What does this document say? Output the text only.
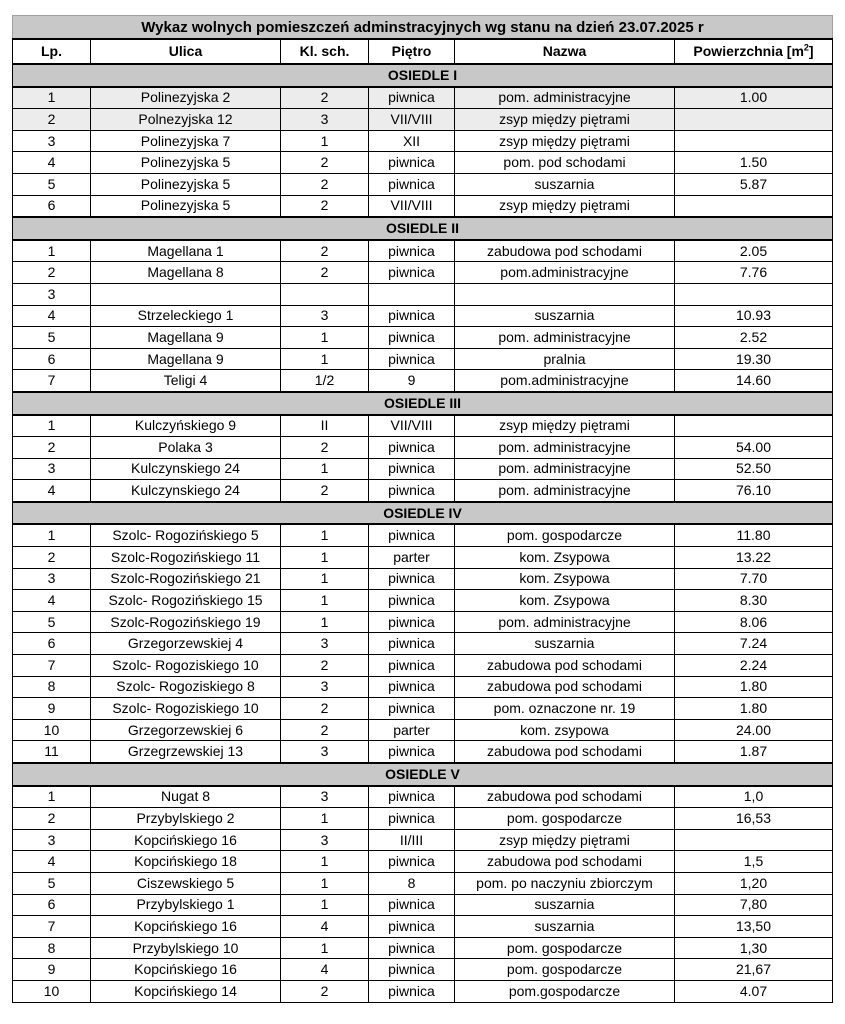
Wykaz wolnych pomieszczeń adminstracyjnych wg stanu na dzień 23.07.2025 r					
Lp.	Ulica	Kl. sch.	Piętro	Nazwa	Powierzchnia $[m^2]$
OSIEDLE I					
1	Polinezyjska 2	2	piwnica	pom. administracyjne	1.00
2	Polnezyjska 12	3	VII/VIII	zsyp między piętrami	
3	Polinezyjska 7	1	XII	zsyp między piętrami	
4	Polinezyjska 5	2	piwnica	pom. pod schodami	1.50
5	Polinezyjska 5	2	piwnica	suszarnia	5.87
6	Polinezyjska 5	2	VII/VIII	zsyp między piętrami	
OSIEDLE II					
1	Magellana 1	2	piwnica	zabudowa pod schodami	2.05
2	Magellana 8	2	piwnica	pom.administracyjne	7.76
3					
4	Strzeleckiego 1	3	piwnica	suszarnia	10.93
5	Magellana 9	1	piwnica	pom. administracyjne	2.52
6	Magellana 9	1	piwnica	pralnia	19.30
7	Teligi 4	1/2	9	pom.administracyjne	14.60
OSIEDLE III					
1	Kulczyńskiego 9	II	VII/VIII	zsyp między piętrami	
2	Polaka 3	2	piwnica	pom. administracyjne	54.00
3	Kulczynskiego 24	1	piwnica	pom. administracyjne	52.50
4	Kulczynskiego 24	2	piwnica	pom. administracyjne	76.10
OSIEDLE IV					
1	Szolc- Rogozińskiego 5	1	piwnica	pom. gospodarcze	11.80
2	Szolc-Rogozińskiego 11	1	parter	kom. Zsypowa	13.22
3	Szolc-Rogozińskiego 21	1	piwnica	kom. Zsypowa	7.70
4	Szolc- Rogozińskiego 15	1	piwnica	kom. Zsypowa	8.30
5	Szolc-Rogozińskiego 19	1	piwnica	pom. administracyjne	8.06
6	Grzegorzewskiej 4	3	piwnica	suszarnia	7.24
7	Szolc- Rogoziskiego 10	2	piwnica	zabudowa pod schodami	2.24
8	Szolc- Rogoziskiego 8	3	piwnica	zabudowa pod schodami	1.80
9	Szolc- Rogoziskiego 10	2	piwnica	pom. oznaczone nr. 19	1.80
10	Grzegorzewskiej 6	2	parter	kom. zsypowa	24.00
11	Grzegrzewskiej 13	3	piwnica	zabudowa pod schodami	1.87
OSIEDLE V					
1	Nugat 8	3	piwnica	zabudowa pod schodami	1,0
2	Przybylskiego 2	1	piwnica	pom. gospodarcze	16,53
3	Kopcińskiego 16	3	II/III	zsyp między piętrami	
4	Kopcińskiego 18	1	piwnica	zabudowa pod schodami	1,5
5	Ciszewskiego 5	1	8	pom. po naczyniu zbiorczym	1,20
6	Przybylskiego 1	1	piwnica	suszarnia	7,80
7	Kopcińskiego 16	4	piwnica	suszarnia	13,50
8	Przybylskiego 10	1	piwnica	pom. gospodarcze	1,30
9	Kopcińskiego 16	4	piwnica	pom. gospodarcze	21,67
10	Kopcińskiego 14	2	piwnica	pom.gospodarcze	4.07
